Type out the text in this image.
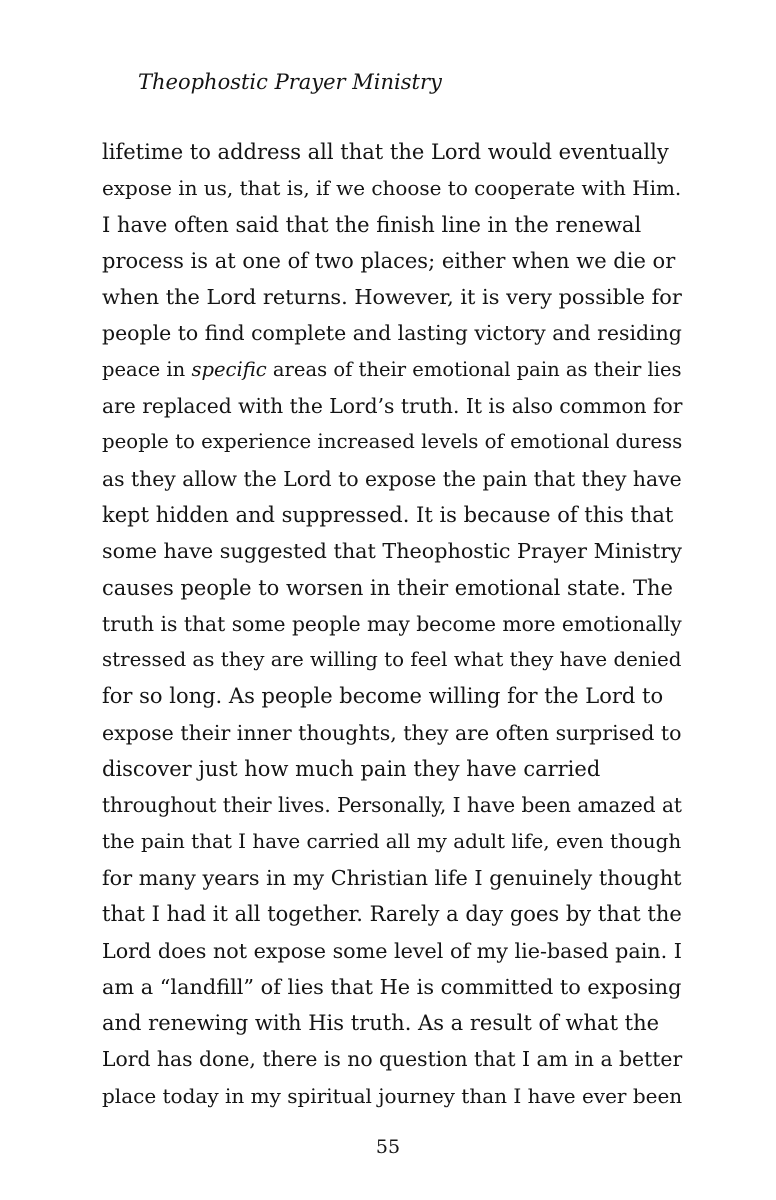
Theophostic Prayer Ministry
lifetime to address all that the Lord would eventually
expose in us, that is, if we choose to cooperate with Him.
I have often said that the finish line in the renewal
process is at one of two places; either when we die or
when the Lord returns. However, it is very possible for
people to find complete and lasting victory and residing
peace in specific areas of their emotional pain as their lies
are replaced with the Lord’s truth. It is also common for
people to experience increased levels of emotional duress
as they allow the Lord to expose the pain that they have
kept hidden and suppressed. It is because of this that
some have suggested that Theophostic Prayer Ministry
causes people to worsen in their emotional state. The
truth is that some people may become more emotionally
stressed as they are willing to feel what they have denied
for so long. As people become willing for the Lord to
expose their inner thoughts, they are often surprised to
discover just how much pain they have carried
throughout their lives. Personally, I have been amazed at
the pain that I have carried all my adult life, even though
for many years in my Christian life I genuinely thought
that I had it all together. Rarely a day goes by that the
Lord does not expose some level of my lie-based pain. I
am a “landfill” of lies that He is committed to exposing
and renewing with His truth. As a result of what the
Lord has done, there is no question that I am in a better
place today in my spiritual journey than I have ever been
55
